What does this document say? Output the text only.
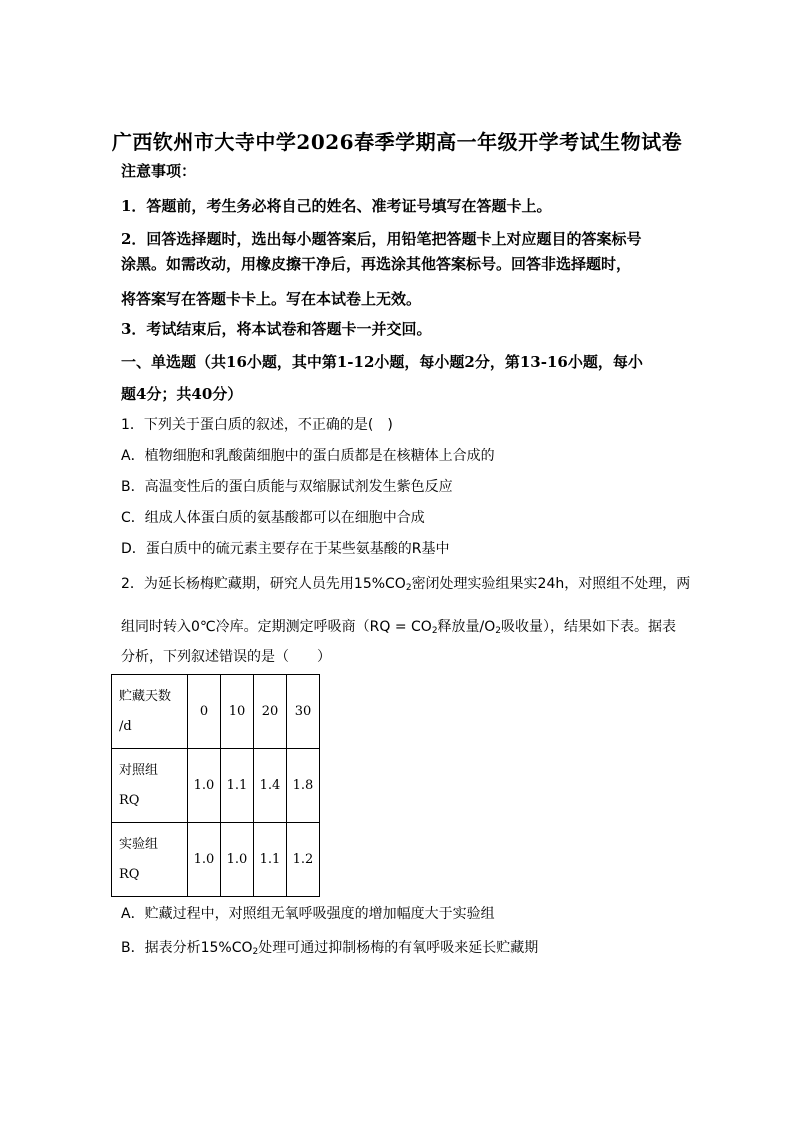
广西钦州市大寺中学2026春季学期高一年级开学考试生物试卷
注意事项：
1．答题前，考生务必将自己的姓名、准考证号填写在答题卡上。
2．回答选择题时，选出每小题答案后，用铅笔把答题卡上对应题目的答案标号
涂黑。如需改动，用橡皮擦干净后，再选涂其他答案标号。回答非选择题时，
将答案写在答题卡卡上。写在本试卷上无效。
3．考试结束后，将本试卷和答题卡一并交回。
一、单选题（共16小题，其中第1-12小题，每小题2分，第13-16小题，每小
题4分；共40分）
1．下列关于蛋白质的叙述，不正确的是(　)
A．植物细胞和乳酸菌细胞中的蛋白质都是在核糖体上合成的
B．高温变性后的蛋白质能与双缩脲试剂发生紫色反应
C．组成人体蛋白质的氨基酸都可以在细胞中合成
D．蛋白质中的硫元素主要存在于某些氨基酸的R基中
2．为延长杨梅贮藏期，研究人员先用$15\%CO_2$密闭处理实验组果实24h，对照组不处理，两
组同时转入0℃冷库。定期测定呼吸商（$RQ = CO_2$释放量$/O_2$吸收量），结果如下表。据表
分析，下列叙述错误的是（　　）
贮藏天数
/d	0	10	20	30
对照组
RQ	1.0	1.1	1.4	1.8
实验组
RQ	1.0	1.0	1.1	1.2
A．贮藏过程中，对照组无氧呼吸强度的增加幅度大于实验组
B．据表分析$15\%CO_2$处理可通过抑制杨梅的有氧呼吸来延长贮藏期
